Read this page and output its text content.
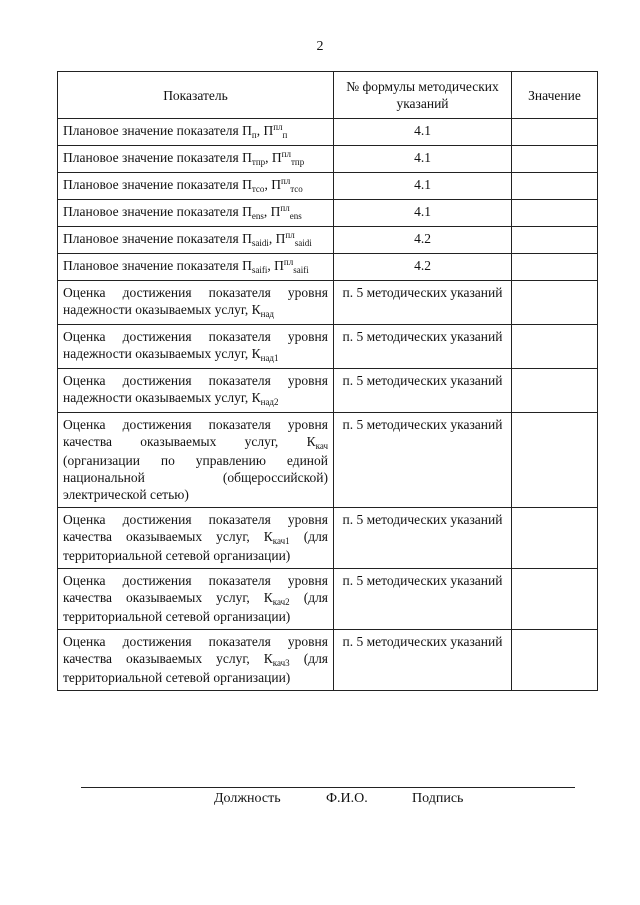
2
Показатель	№ формулы методических указаний	Значение
Плановое значение показателя $П_п$, $П^{пл}_п$	4.1	
Плановое значение показателя $П_{тпр}$, $П^{пл}_{тпр}$	4.1	
Плановое значение показателя $П_{тсо}$, $П^{пл}_{тсо}$	4.1	
Плановое значение показателя $П_{ens}$, $П^{пл}_{ens}$	4.1	
Плановое значение показателя $П_{saidi}$, $П^{пл}_{saidi}$	4.2	
Плановое значение показателя $П_{saifi}$, $П^{пл}_{saifi}$	4.2	
Оценка достижения показателя уровня надежности оказываемых услуг, $К_{над}$	п. 5 методических указаний	
Оценка достижения показателя уровня надежности оказываемых услуг, $К_{над1}$	п. 5 методических указаний	
Оценка достижения показателя уровня надежности оказываемых услуг, $К_{над2}$	п. 5 методических указаний	
Оценка достижения показателя уровня качества оказываемых услуг, $К_{кач}$ (организации по управлению единой национальной (общероссийской) электрической сетью)	п. 5 методических указаний	
Оценка достижения показателя уровня качества оказываемых услуг, $К_{кач1}$ (для территориальной сетевой организации)	п. 5 методических указаний	
Оценка достижения показателя уровня качества оказываемых услуг, $К_{кач2}$ (для территориальной сетевой организации)	п. 5 методических указаний	
Оценка достижения показателя уровня качества оказываемых услуг, $К_{кач3}$ (для территориальной сетевой организации)	п. 5 методических указаний	
Должность	Ф.И.О.	Подпись
